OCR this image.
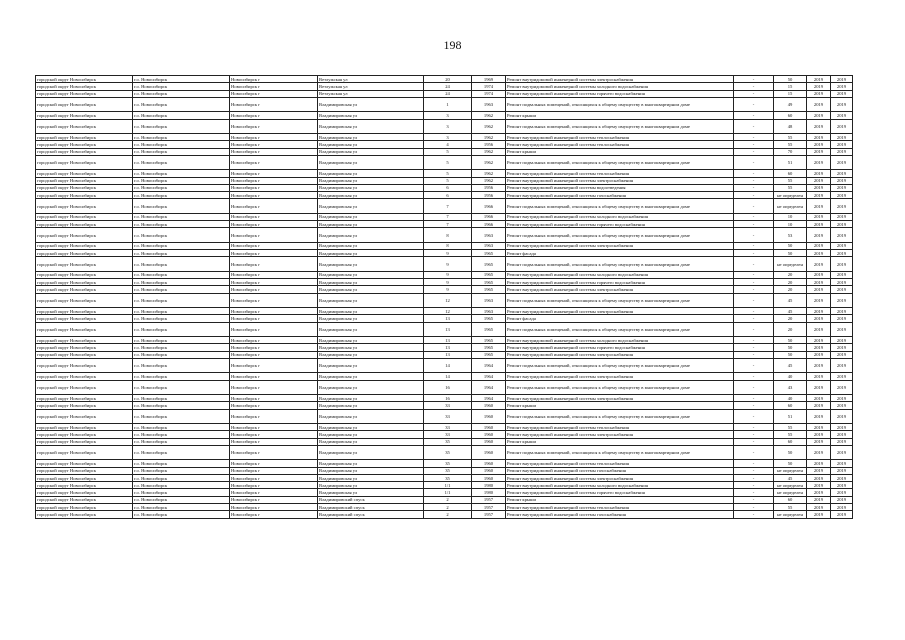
198
городской округ Новосибирск	г.о. Новосибирск	Новосибирск г	Ветлужская ул	20	1969	Ремонт внутридомовой инженерной системы электроснабжения	-	50	2019	2019
городской округ Новосибирск	г.о. Новосибирск	Новосибирск г	Ветлужская ул	24	1974	Ремонт внутридомовой инженерной системы холодного водоснабжения	-	15	2019	2019
городской округ Новосибирск	г.о. Новосибирск	Новосибирск г	Ветлужская ул	24	1974	Ремонт внутридомовой инженерной системы горячего водоснабжения	-	15	2019	2019
городской округ Новосибирск	г.о. Новосибирск	Новосибирск г	Владимировская ул	1	1963	Ремонт подвальных помещений, относящихся к общему имуществу в многоквартирном доме	-	49	2019	2019
городской округ Новосибирск	г.о. Новосибирск	Новосибирск г	Владимировская ул	3	1962	Ремонт крыши	-	60	2019	2019
городской округ Новосибирск	г.о. Новосибирск	Новосибирск г	Владимировская ул	3	1962	Ремонт подвальных помещений, относящихся к общему имуществу в многоквартирном доме	-	48	2019	2019
городской округ Новосибирск	г.о. Новосибирск	Новосибирск г	Владимировская ул	3	1962	Ремонт внутридомовой инженерной системы теплоснабжения	-	55	2019	2019
городской округ Новосибирск	г.о. Новосибирск	Новосибирск г	Владимировская ул	4	1956	Ремонт внутридомовой инженерной системы теплоснабжения	-	55	2019	2019
городской округ Новосибирск	г.о. Новосибирск	Новосибирск г	Владимировская ул	5	1962	Ремонт крыши	-	70	2019	2019
городской округ Новосибирск	г.о. Новосибирск	Новосибирск г	Владимировская ул	5	1962	Ремонт подвальных помещений, относящихся к общему имуществу в многоквартирном доме	-	51	2019	2019
городской округ Новосибирск	г.о. Новосибирск	Новосибирск г	Владимировская ул	5	1962	Ремонт внутридомовой инженерной системы теплоснабжения	-	60	2019	2019
городской округ Новосибирск	г.о. Новосибирск	Новосибирск г	Владимировская ул	5	1962	Ремонт внутридомовой инженерной системы электроснабжения	-	55	2019	2019
городской округ Новосибирск	г.о. Новосибирск	Новосибирск г	Владимировская ул	6	1956	Ремонт внутридомовой инженерной системы водоотведения	-	55	2019	2019
городской округ Новосибирск	г.о. Новосибирск	Новосибирск г	Владимировская ул	6	1956	Ремонт внутридомовой инженерной системы газоснабжения	-	не определен	2019	2019
городской округ Новосибирск	г.о. Новосибирск	Новосибирск г	Владимировская ул	7	1966	Ремонт подвальных помещений, относящихся к общему имуществу в многоквартирном доме	-	не определен	2019	2019
городской округ Новосибирск	г.о. Новосибирск	Новосибирск г	Владимировская ул	7	1966	Ремонт внутридомовой инженерной системы холодного водоснабжения	-	10	2019	2019
городской округ Новосибирск	г.о. Новосибирск	Новосибирск г	Владимировская ул	7	1966	Ремонт внутридомовой инженерной системы горячего водоснабжения	-	10	2019	2019
городской округ Новосибирск	г.о. Новосибирск	Новосибирск г	Владимировская ул	8	1963	Ремонт подвальных помещений, относящихся к общему имуществу в многоквартирном доме	-	53	2019	2019
городской округ Новосибирск	г.о. Новосибирск	Новосибирск г	Владимировская ул	8	1963	Ремонт внутридомовой инженерной системы электроснабжения	-	50	2019	2019
городской округ Новосибирск	г.о. Новосибирск	Новосибирск г	Владимировская ул	9	1965	Ремонт фасада	-	50	2019	2019
городской округ Новосибирск	г.о. Новосибирск	Новосибирск г	Владимировская ул	9	1965	Ремонт подвальных помещений, относящихся к общему имуществу в многоквартирном доме	-	не определен	2019	2019
городской округ Новосибирск	г.о. Новосибирск	Новосибирск г	Владимировская ул	9	1965	Ремонт внутридомовой инженерной системы холодного водоснабжения	-	20	2019	2019
городской округ Новосибирск	г.о. Новосибирск	Новосибирск г	Владимировская ул	9	1965	Ремонт внутридомовой инженерной системы горячего водоснабжения	-	20	2019	2019
городской округ Новосибирск	г.о. Новосибирск	Новосибирск г	Владимировская ул	9	1965	Ремонт внутридомовой инженерной системы электроснабжения	-	20	2019	2019
городской округ Новосибирск	г.о. Новосибирск	Новосибирск г	Владимировская ул	12	1963	Ремонт подвальных помещений, относящихся к общему имуществу в многоквартирном доме	-	45	2019	2019
городской округ Новосибирск	г.о. Новосибирск	Новосибирск г	Владимировская ул	12	1963	Ремонт внутридомовой инженерной системы электроснабжения	-	45	2019	2019
городской округ Новосибирск	г.о. Новосибирск	Новосибирск г	Владимировская ул	13	1965	Ремонт фасада	-	20	2019	2019
городской округ Новосибирск	г.о. Новосибирск	Новосибирск г	Владимировская ул	13	1965	Ремонт подвальных помещений, относящихся к общему имуществу в многоквартирном доме	-	20	2019	2019
городской округ Новосибирск	г.о. Новосибирск	Новосибирск г	Владимировская ул	13	1965	Ремонт внутридомовой инженерной системы холодного водоснабжения	-	50	2019	2019
городской округ Новосибирск	г.о. Новосибирск	Новосибирск г	Владимировская ул	13	1965	Ремонт внутридомовой инженерной системы горячего водоснабжения	-	50	2019	2019
городской округ Новосибирск	г.о. Новосибирск	Новосибирск г	Владимировская ул	13	1965	Ремонт внутридомовой инженерной системы электроснабжения	-	50	2019	2019
городской округ Новосибирск	г.о. Новосибирск	Новосибирск г	Владимировская ул	14	1964	Ремонт подвальных помещений, относящихся к общему имуществу в многоквартирном доме	-	45	2019	2019
городской округ Новосибирск	г.о. Новосибирск	Новосибирск г	Владимировская ул	14	1964	Ремонт внутридомовой инженерной системы электроснабжения	-	40	2019	2019
городской округ Новосибирск	г.о. Новосибирск	Новосибирск г	Владимировская ул	16	1964	Ремонт подвальных помещений, относящихся к общему имуществу в многоквартирном доме	-	43	2019	2019
городской округ Новосибирск	г.о. Новосибирск	Новосибирск г	Владимировская ул	16	1964	Ремонт внутридомовой инженерной системы электроснабжения	-	40	2019	2019
городской округ Новосибирск	г.о. Новосибирск	Новосибирск г	Владимировская ул	33	1960	Ремонт крыши	-	60	2019	2019
городской округ Новосибирск	г.о. Новосибирск	Новосибирск г	Владимировская ул	33	1960	Ремонт подвальных помещений, относящихся к общему имуществу в многоквартирном доме	-	51	2019	2019
городской округ Новосибирск	г.о. Новосибирск	Новосибирск г	Владимировская ул	33	1960	Ремонт внутридомовой инженерной системы теплоснабжения	-	55	2019	2019
городской округ Новосибирск	г.о. Новосибирск	Новосибирск г	Владимировская ул	33	1960	Ремонт внутридомовой инженерной системы электроснабжения	-	55	2019	2019
городской округ Новосибирск	г.о. Новосибирск	Новосибирск г	Владимировская ул	35	1960	Ремонт крыши	-	60	2019	2019
городской округ Новосибирск	г.о. Новосибирск	Новосибирск г	Владимировская ул	35	1960	Ремонт подвальных помещений, относящихся к общему имуществу в многоквартирном доме	-	50	2019	2019
городской округ Новосибирск	г.о. Новосибирск	Новосибирск г	Владимировская ул	35	1960	Ремонт внутридомовой инженерной системы теплоснабжения	-	50	2019	2019
городской округ Новосибирск	г.о. Новосибирск	Новосибирск г	Владимировская ул	35	1960	Ремонт внутридомовой инженерной системы газоснабжения	-	не определен	2019	2019
городской округ Новосибирск	г.о. Новосибирск	Новосибирск г	Владимировская ул	35	1960	Ремонт внутридомовой инженерной системы электроснабжения	-	45	2019	2019
городской округ Новосибирск	г.о. Новосибирск	Новосибирск г	Владимировская ул	1/1	1980	Ремонт внутридомовой инженерной системы холодного водоснабжения	-	не определен	2019	2019
городской округ Новосибирск	г.о. Новосибирск	Новосибирск г	Владимировская ул	1/1	1980	Ремонт внутридомовой инженерной системы горячего водоснабжения	-	не определен	2019	2019
городской округ Новосибирск	г.о. Новосибирск	Новосибирск г	Владимировский спуск	2	1957	Ремонт крыши	-	60	2019	2019
городской округ Новосибирск	г.о. Новосибирск	Новосибирск г	Владимировский спуск	2	1957	Ремонт внутридомовой инженерной системы теплоснабжения	-	55	2019	2019
городской округ Новосибирск	г.о. Новосибирск	Новосибирск г	Владимировский спуск	2	1957	Ремонт внутридомовой инженерной системы газоснабжения	-	не определен	2019	2019
